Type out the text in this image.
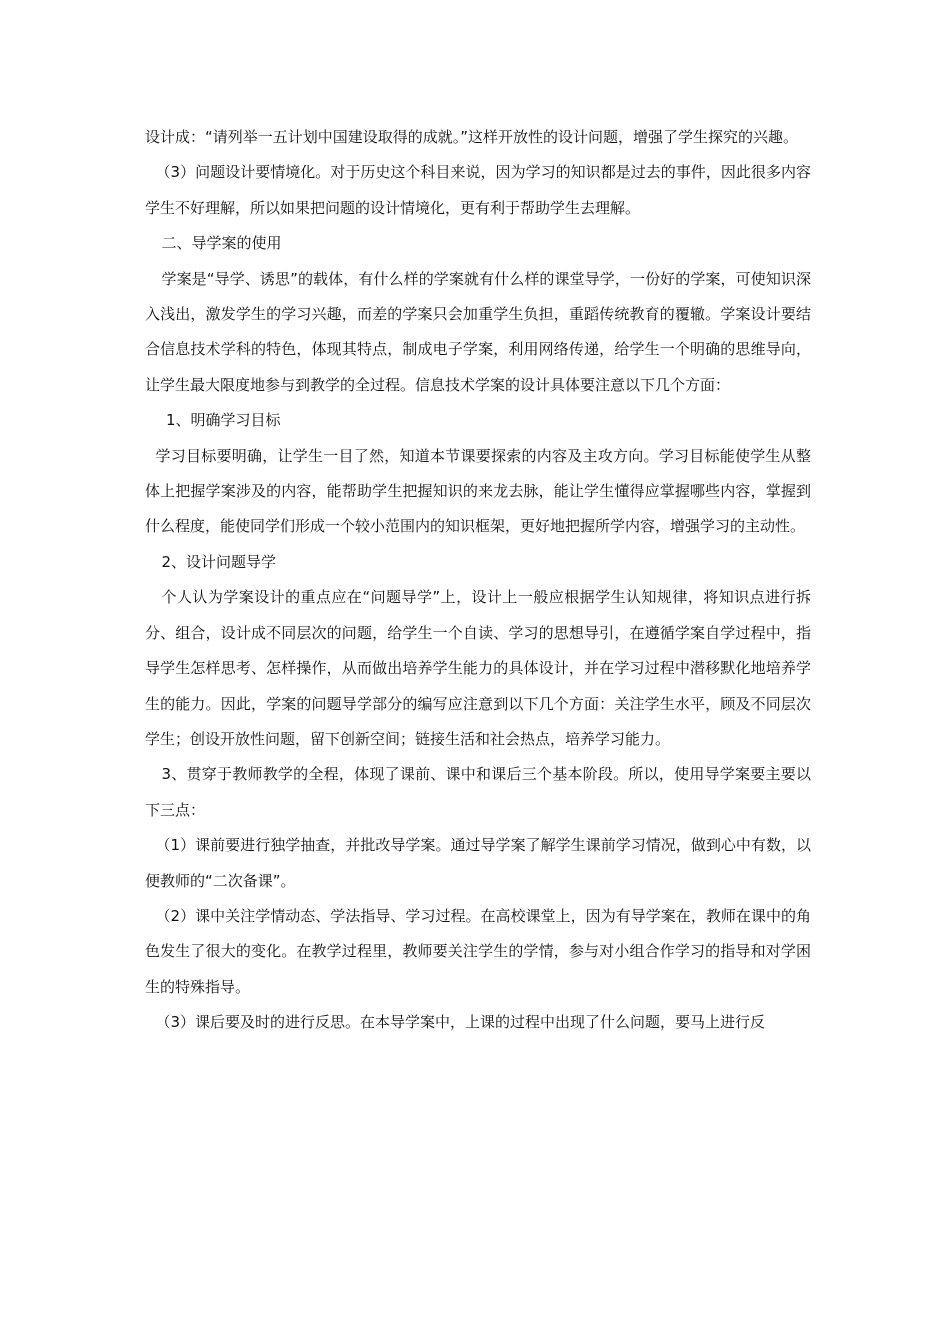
设计成：“请列举一五计划中国建设取得的成就。”这样开放性的设计问题，增强了学生探究的兴趣。

（3）问题设计要情境化。对于历史这个科目来说，因为学习的知识都是过去的事件，因此很多内容学生不好理解，所以如果把问题的设计情境化，更有利于帮助学生去理解。

二、导学案的使用

学案是“导学、诱思”的载体，有什么样的学案就有什么样的课堂导学，一份好的学案，可使知识深入浅出，激发学生的学习兴趣，而差的学案只会加重学生负担，重蹈传统教育的覆辙。学案设计要结合信息技术学科的特色，体现其特点，制成电子学案，利用网络传递，给学生一个明确的思维导向，让学生最大限度地参与到教学的全过程。信息技术学案的设计具体要注意以下几个方面：

1、明确学习目标

学习目标要明确，让学生一目了然，知道本节课要探索的内容及主攻方向。学习目标能使学生从整体上把握学案涉及的内容，能帮助学生把握知识的来龙去脉，能让学生懂得应掌握哪些内容，掌握到什么程度，能使同学们形成一个较小范围内的知识框架，更好地把握所学内容，增强学习的主动性。

2、设计问题导学

个人认为学案设计的重点应在“问题导学”上，设计上一般应根据学生认知规律，将知识点进行拆分、组合，设计成不同层次的问题，给学生一个自读、学习的思想导引，在遵循学案自学过程中，指导学生怎样思考、怎样操作，从而做出培养学生能力的具体设计，并在学习过程中潜移默化地培养学生的能力。因此，学案的问题导学部分的编写应注意到以下几个方面：关注学生水平，顾及不同层次学生；创设开放性问题，留下创新空间；链接生活和社会热点，培养学习能力。

3、贯穿于教师教学的全程，体现了课前、课中和课后三个基本阶段。所以，使用导学案要主要以下三点：

（1）课前要进行独学抽查，并批改导学案。通过导学案了解学生课前学习情况，做到心中有数，以便教师的“二次备课”。

（2）课中关注学情动态、学法指导、学习过程。在高校课堂上，因为有导学案在，教师在课中的角色发生了很大的变化。在教学过程里，教师要关注学生的学情，参与对小组合作学习的指导和对学困生的特殊指导。

（3）课后要及时的进行反思。在本导学案中，上课的过程中出现了什么问题，要马上进行反
